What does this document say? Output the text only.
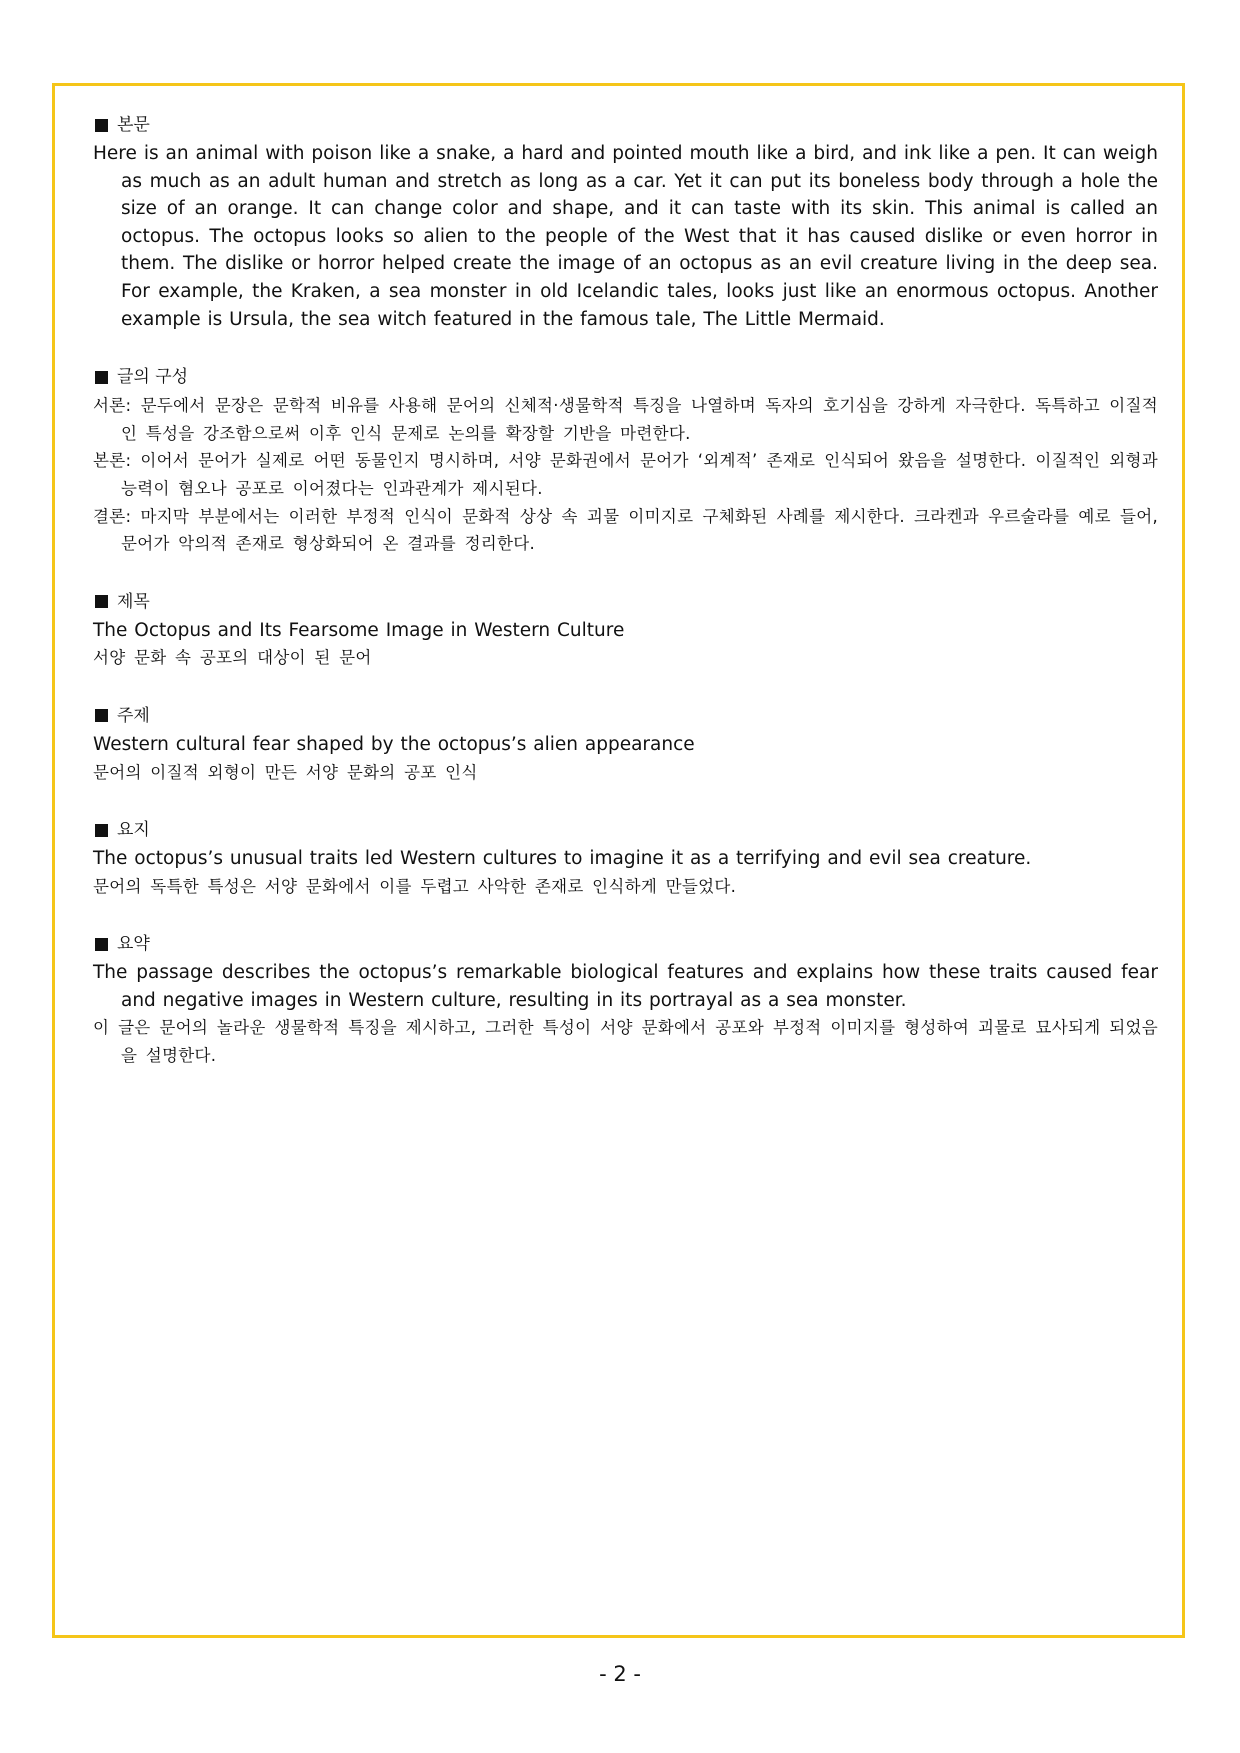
본문
Here is an animal with poison like a snake, a hard and pointed mouth like a bird, and ink like a pen. It can weigh as much as an adult human and stretch as long as a car. Yet it can put its boneless body through a hole the size of an orange. It can change color and shape, and it can taste with its skin. This animal is called an octopus. The octopus looks so alien to the people of the West that it has caused dislike or even horror in them. The dislike or horror helped create the image of an octopus as an evil creature living in the deep sea. For example, the Kraken, a sea monster in old Icelandic tales, looks just like an enormous octopus. Another example is Ursula, the sea witch featured in the famous tale, The Little Mermaid.
글의 구성
서론: 문두에서 문장은 문학적 비유를 사용해 문어의 신체적·생물학적 특징을 나열하며 독자의 호기심을 강하게 자극한다. 독특하고 이질적인 특성을 강조함으로써 이후 인식 문제로 논의를 확장할 기반을 마련한다.
본론: 이어서 문어가 실제로 어떤 동물인지 명시하며, 서양 문화권에서 문어가 ‘외계적’ 존재로 인식되어 왔음을 설명한다. 이질적인 외형과 능력이 혐오나 공포로 이어졌다는 인과관계가 제시된다.
결론: 마지막 부분에서는 이러한 부정적 인식이 문화적 상상 속 괴물 이미지로 구체화된 사례를 제시한다. 크라켄과 우르술라를 예로 들어, 문어가 악의적 존재로 형상화되어 온 결과를 정리한다.
제목
The Octopus and Its Fearsome Image in Western Culture
서양 문화 속 공포의 대상이 된 문어
주제
Western cultural fear shaped by the octopus’s alien appearance
문어의 이질적 외형이 만든 서양 문화의 공포 인식
요지
The octopus’s unusual traits led Western cultures to imagine it as a terrifying and evil sea creature.
문어의 독특한 특성은 서양 문화에서 이를 두렵고 사악한 존재로 인식하게 만들었다.
요약
The passage describes the octopus’s remarkable biological features and explains how these traits caused fear and negative images in Western culture, resulting in its portrayal as a sea monster.
이 글은 문어의 놀라운 생물학적 특징을 제시하고, 그러한 특성이 서양 문화에서 공포와 부정적 이미지를 형성하여 괴물로 묘사되게 되었음을 설명한다.
- 2 -
